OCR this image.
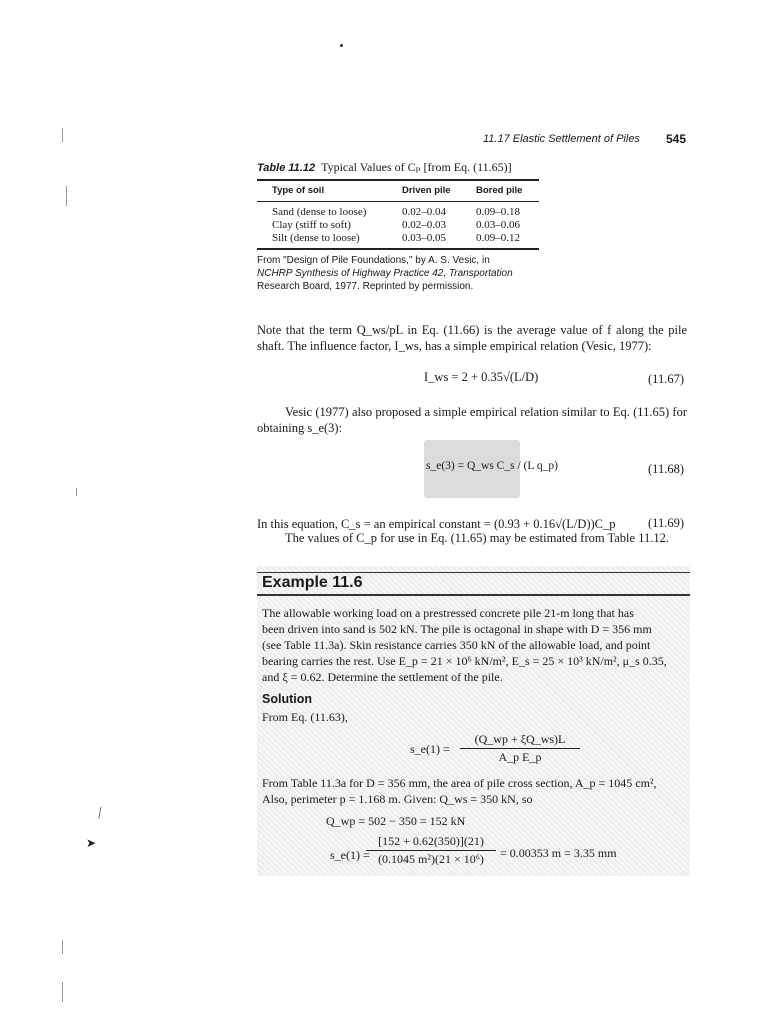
⟋
➤
11.17 Elastic Settlement of Piles 545
Table 11.12 Typical Values of Cₚ [from Eq. (11.65)]
Type of soil	Driven pile	Bored pile
Sand (dense to loose)	0.02–0.04	0.09–0.18
Clay (stiff to soft)	0.02–0.03	0.03–0.06
Silt (dense to loose)	0.03–0.05	0.09–0.12
From "Design of Pile Foundations," by A. S. Vesic, in
NCHRP Synthesis of Highway Practice 42, Transportation
Research Board, 1977. Reprinted by permission.
Note that the term Q_ws/pL in Eq. (11.66) is the average value of f along the pile shaft. The influence factor, I_ws, has a simple empirical relation (Vesic, 1977):
I_ws = 2 + 0.35√(L/D)	(11.67)
Vesic (1977) also proposed a simple empirical relation similar to Eq. (11.65) for obtaining s_e(3):
s_e(3) = Q_ws C_s / (L q_p)	(11.68)
In this equation, C_s = an empirical constant = (0.93 + 0.16√(L/D))C_p	(11.69)
The values of C_p for use in Eq. (11.65) may be estimated from Table 11.12.
Example 11.6
The allowable working load on a prestressed concrete pile 21-m long that has
been driven into sand is 502 kN. The pile is octagonal in shape with D = 356 mm
(see Table 11.3a). Skin resistance carries 350 kN of the allowable load, and point
bearing carries the rest. Use E_p = 21 × 10⁶ kN/m², E_s = 25 × 10³ kN/m², μ_s 0.35,
and ξ = 0.62. Determine the settlement of the pile.
Solution
From Eq. (11.63),
s_e(1) = $\frac{(Q\_wp + \xi Q\_ws)L}{\text{A\_p E\_p}}$
From Table 11.3a for D = 356 mm, the area of pile cross section, A_p = 1045 cm²,
Also, perimeter p = 1.168 m. Given: Q_ws = 350 kN, so
Q_wp = 502 − 350 = 152 kN
s_e(1) =
$\frac{[152 + 0.62(350)](21)}{\text{(0.1045 m²)(21 × 10⁶)}} = 0.00353$ m = 3.35 mm
